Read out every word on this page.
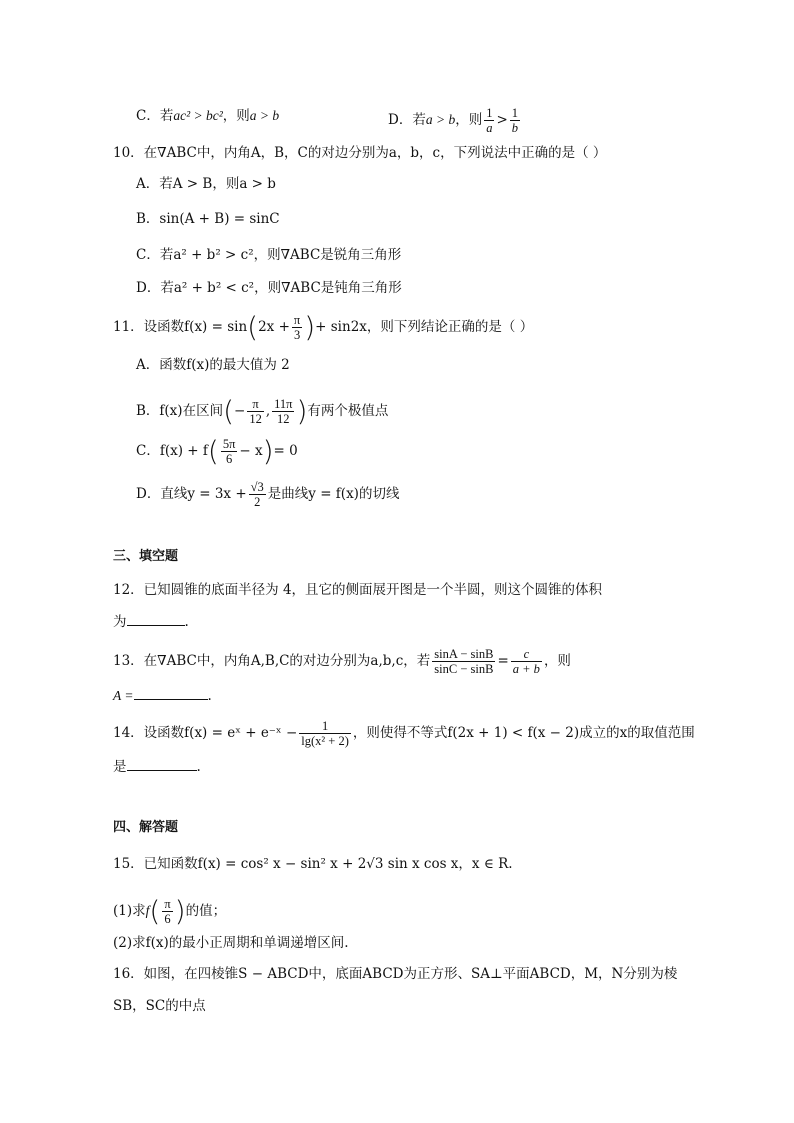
C．若ac² > bc²，则a > b	D．若a > b，则 $\frac{1}{a} > \frac{1}{b}$
10．在∇ABC中，内角A，B，C的对边分别为a，b，c，下列说法中正确的是（ ）
A．若A > B，则a > b
B．sin(A + B) = sinC
C．若a² + b² > c²，则∇ABC是锐角三角形
D．若a² + b² < c²，则∇ABC是钝角三角形
11．设函数$f(x) = \sin(2x + \frac{\pi}{3}$ )+ sin2x，则下列结论正确的是（ ）
A．函数f(x)的最大值为 2
B．f(x)在区间(− $\frac{\pi}{12}$ , $\frac{11\pi}{12}$ )有两个极值点
C．$f(x) + f( \frac{5\pi}{6} - x)= 0$
D．直线$y = 3x + \frac{√3}{2}$ 是曲线y = f(x)的切线
三、填空题
12．已知圆锥的底面半径为 4，且它的侧面展开图是一个半圆，则这个圆锥的体积
为	.
13．在∇ABC中，内角A,B,C的对边分别为a,b,c，若 $\frac{\sin A - \sin B}{\sin C - \sin B} = \frac{c}{a + b}$ ，则
A =	.
14．设函数f(x) = eˣ + e⁻ˣ − $\frac{1}{\text{lg(x² + 2)}}$ ，则使得不等式f(2x + 1) < f(x − 2)成立的x的取值范围
是	.
四、解答题
15．已知函数f(x) = cos² x − sin² x + 2√3 sin x cos x，x ∈ R.
(1)求$f( \frac{\pi}{6}$ )的值；
(2)求f(x)的最小正周期和单调递增区间.
16．如图，在四棱锥S − ABCD中，底面ABCD为正方形、SA⊥平面ABCD，M，N分别为棱
SB，SC的中点
